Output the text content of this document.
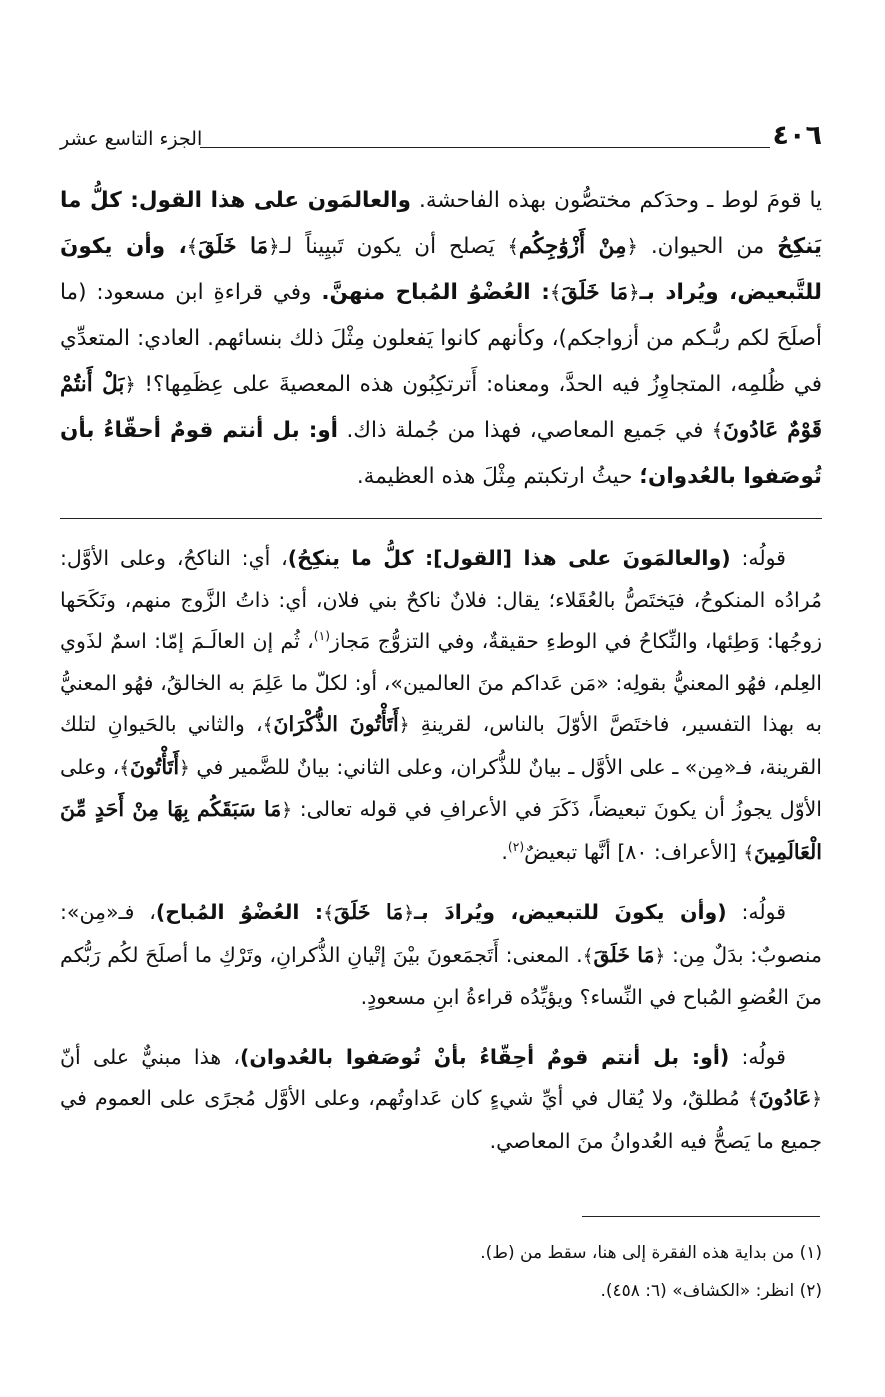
٤٠٦
الجزء التاسع عشر

يا قومَ لوط ـ وحدَكم مختصُّون بهذه الفاحشة. والعالمَون على هذا القول: كلُّ ما يَنكِحُ من الحيوان. ﴿مِنْ أَزْوَٰجِكُم﴾ يَصلح أن يكون تَبيِيناً لـ﴿مَا خَلَقَ﴾، وأن يكونَ للتَّبعيض، ويُراد بـ﴿مَا خَلَقَ﴾: العُضْوُ المُباح منهنَّ. وفي قراءةِ ابن مسعود: (ما أصلَحَ لكم ربُّـكم من أزواجكم)، وكأنهم كانوا يَفعلون مِثْلَ ذلك بنسائهم. العادي: المتعدِّي في ظُلمِه، المتجاوِزُ فيه الحدَّ، ومعناه: أَترتكِبُون هذه المعصيةَ على عِظَمِها؟! ﴿بَلْ أَنتُمْ قَوْمٌ عَادُونَ﴾ في جَميع المعاصي، فهذا من جُملة ذاك. أو: بل أنتم قومٌ أحقّاءُ بأن تُوصَفوا بالعُدوان؛ حيثُ ارتكبتم مِثْلَ هذه العظيمة.

قولُه: (والعالمَونَ على هذا [القول]: كلُّ ما ينكِحُ)، أي: الناكحُ، وعلى الأوَّل: مُرادُه المنكوحُ، فيَختَصُّ بالعُقَلاء؛ يقال: فلانٌ ناكحٌ بني فلان، أي: ذاتُ الزَّوج منهم، ونَكَحَها زوجُها: وَطِئها، والنِّكاحُ في الوطءِ حقيقةٌ، وفي التزوُّج مَجاز$^{(١)}$، ثُم إن العالَـمَ إمّا: اسمٌ لذَوي العِلم، فهُو المعنيُّ بقولِه: «مَن عَداكم منَ العالمين»، أو: لكلّ ما عَلِمَ به الخالقُ، فهُو المعنيُّ به بهذا التفسير، فاختَصَّ الأوّلَ بالناس، لقرينةِ ﴿أَتَأْتُونَ الذُّكْرَانَ﴾، والثاني بالحَيوانِ لتلك القرينة، فـ«مِن» ـ على الأوَّل ـ بيانٌ للذُّكران، وعلى الثاني: بيانٌ للضَّمير في ﴿أَتَأْتُونَ﴾، وعلى الأوّل يجوزُ أن يكونَ تبعيضاً، ذَكَرَ في الأعرافِ في قوله تعالى: ﴿مَا سَبَقَكُم بِهَا مِنْ أَحَدٍ مِّنَ الْعَالَمِينَ﴾ [الأعراف: ٨٠] أنَّها تبعيضٌ$^{(٢)}$.

قولُه: (وأن يكونَ للتبعيض، ويُرادَ بـ﴿مَا خَلَقَ﴾: العُضْوُ المُباح)، فـ«مِن»: منصوبٌ: بدَلٌ مِن: ﴿مَا خَلَقَ﴾. المعنى: أَتَجمَعونَ بيْنَ إتْيانِ الذُّكرانِ، وتَرْكِ ما أصلَحَ لكُم رَبُّكم منَ العُضوِ المُباح في النِّساء؟ ويؤيِّدُه قراءةُ ابنِ مسعودٍ.

قولُه: (أو: بل أنتم قومٌ أحِقّاءُ بأنْ تُوصَفوا بالعُدوان)، هذا مبنيٌّ على أنّ ﴿عَادُونَ﴾ مُطلقٌ، ولا يُقال في أيِّ شيءٍ كان عَداوتُهم، وعلى الأوَّل مُجرًى على العموم في جميع ما يَصحُّ فيه العُدوانُ منَ المعاصي.

(١) من بداية هذه الفقرة إلى هنا، سقط من (ط).

(٢) انظر: «الكشاف» (٦: ٤٥٨).
